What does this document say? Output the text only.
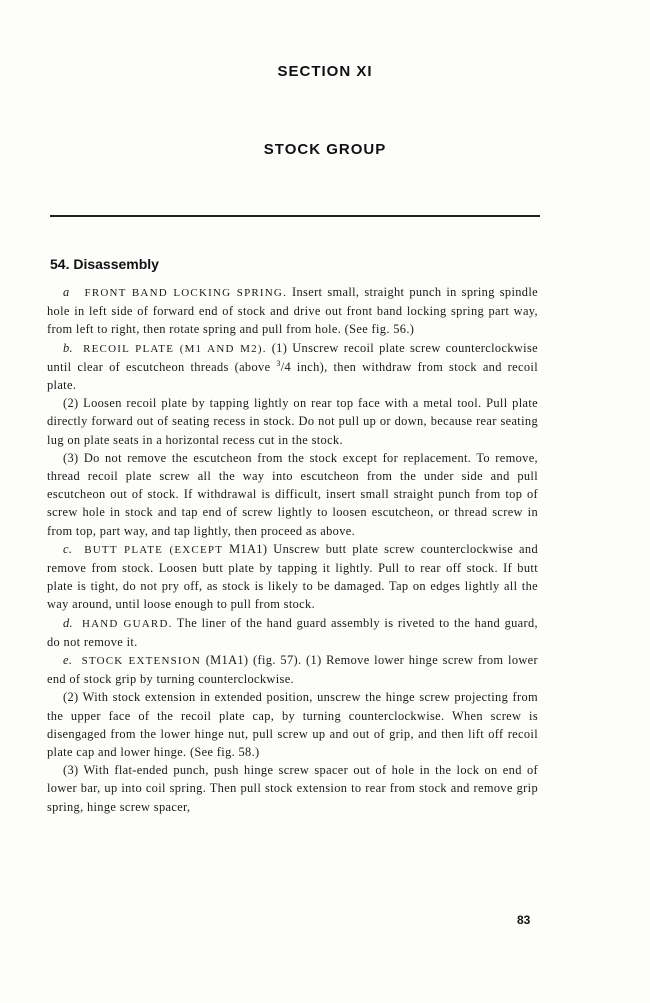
SECTION XI
STOCK GROUP
54. Disassembly

a FRONT BAND LOCKING SPRING. Insert small, straight punch in spring spindle hole in left side of forward end of stock and drive out front band locking spring part way, from left to right, then rotate spring and pull from hole. (See fig. 56.)

b. RECOIL PLATE (M1 AND M2). (1) Unscrew recoil plate screw counterclockwise until clear of escutcheon threads (above $^3$/4 inch), then withdraw from stock and recoil plate.

(2) Loosen recoil plate by tapping lightly on rear top face with a metal tool. Pull plate directly forward out of seating recess in stock. Do not pull up or down, because rear seating lug on plate seats in a horizontal recess cut in the stock.

(3) Do not remove the escutcheon from the stock except for replacement. To remove, thread recoil plate screw all the way into escutcheon from the under side and pull escutcheon out of stock. If withdrawal is difficult, insert small straight punch from top of screw hole in stock and tap end of screw lightly to loosen escutcheon, or thread screw in from top, part way, and tap lightly, then proceed as above.

c. BUTT PLATE (EXCEPT M1A1) Unscrew butt plate screw counterclockwise and remove from stock. Loosen butt plate by tapping it lightly. Pull to rear off stock. If butt plate is tight, do not pry off, as stock is likely to be damaged. Tap on edges lightly all the way around, until loose enough to pull from stock.

d. HAND GUARD. The liner of the hand guard assembly is riveted to the hand guard, do not remove it.

e. STOCK EXTENSION (M1A1) (fig. 57). (1) Remove lower hinge screw from lower end of stock grip by turning counterclockwise.

(2) With stock extension in extended position, unscrew the hinge screw projecting from the upper face of the recoil plate cap, by turning counterclockwise. When screw is disengaged from the lower hinge nut, pull screw up and out of grip, and then lift off recoil plate cap and lower hinge. (See fig. 58.)

(3) With flat-ended punch, push hinge screw spacer out of hole in the lock on end of lower bar, up into coil spring. Then pull stock extension to rear from stock and remove grip spring, hinge screw spacer,

83
